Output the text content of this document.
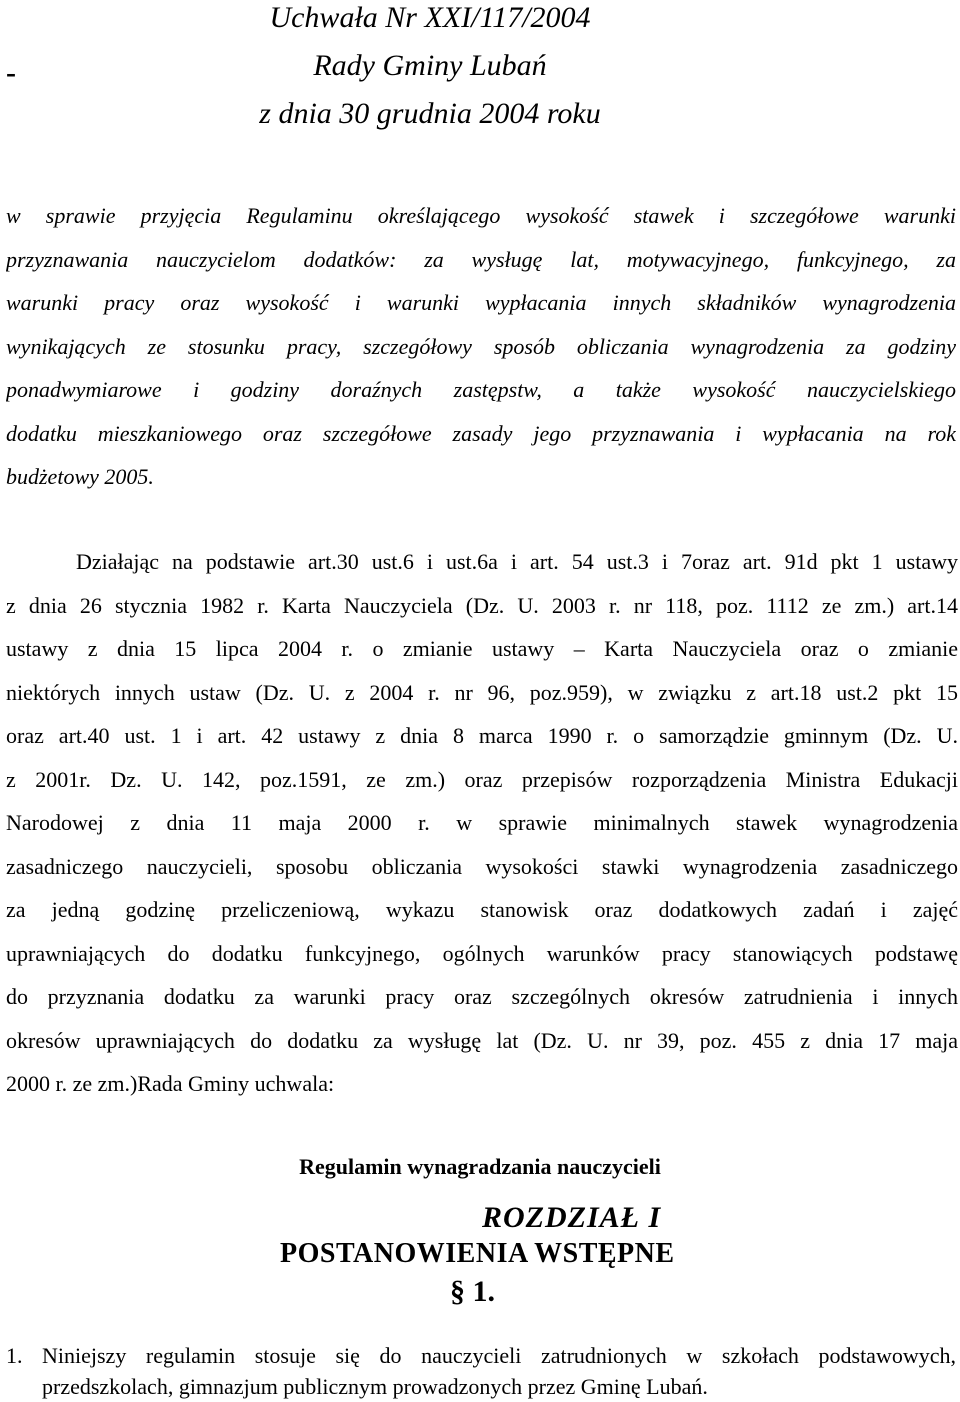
-
Uchwała Nr XXI/117/2004
Rady Gminy Lubań
z dnia 30 grudnia 2004 roku
w sprawie przyjęcia Regulaminu określającego wysokość stawek i szczegółowe warunki
przyznawania nauczycielom dodatków: za wysługę lat, motywacyjnego, funkcyjnego, za
warunki pracy oraz wysokość i warunki wypłacania innych składników wynagrodzenia
wynikających ze stosunku pracy, szczegółowy sposób obliczania wynagrodzenia za godziny
ponadwymiarowe i godziny doraźnych zastępstw, a także wysokość nauczycielskiego
dodatku mieszkaniowego oraz szczegółowe zasady jego przyznawania i wypłacania na rok
budżetowy 2005.
Działając na podstawie art.30 ust.6 i ust.6a i art. 54 ust.3 i 7oraz art. 91d pkt 1 ustawy
z dnia 26 stycznia 1982 r. Karta Nauczyciela (Dz. U. 2003 r. nr 118, poz. 1112 ze zm.) art.14
ustawy z dnia 15 lipca 2004 r. o zmianie ustawy – Karta Nauczyciela oraz o zmianie
niektórych innych ustaw (Dz. U. z 2004 r. nr 96, poz.959), w związku z art.18 ust.2 pkt 15
oraz art.40 ust. 1 i art. 42 ustawy z dnia 8 marca 1990 r. o samorządzie gminnym (Dz. U.
z 2001r. Dz. U. 142, poz.1591, ze zm.) oraz przepisów rozporządzenia Ministra Edukacji
Narodowej z dnia 11 maja 2000 r. w sprawie minimalnych stawek wynagrodzenia
zasadniczego nauczycieli, sposobu obliczania wysokości stawki wynagrodzenia zasadniczego
za jedną godzinę przeliczeniową, wykazu stanowisk oraz dodatkowych zadań i zajęć
uprawniających do dodatku funkcyjnego, ogólnych warunków pracy stanowiących podstawę
do przyznania dodatku za warunki pracy oraz szczególnych okresów zatrudnienia i innych
okresów uprawniających do dodatku za wysługę lat (Dz. U. nr 39, poz. 455 z dnia 17 maja
2000 r. ze zm.)Rada Gminy uchwala:
Regulamin wynagradzania nauczycieli
ROZDZIAŁ I
POSTANOWIENIA WSTĘPNE
§ 1.
1. Niniejszy regulamin stosuje się do nauczycieli zatrudnionych w szkołach podstawowych,
przedszkolach, gimnazjum publicznym prowadzonych przez Gminę Lubań.
